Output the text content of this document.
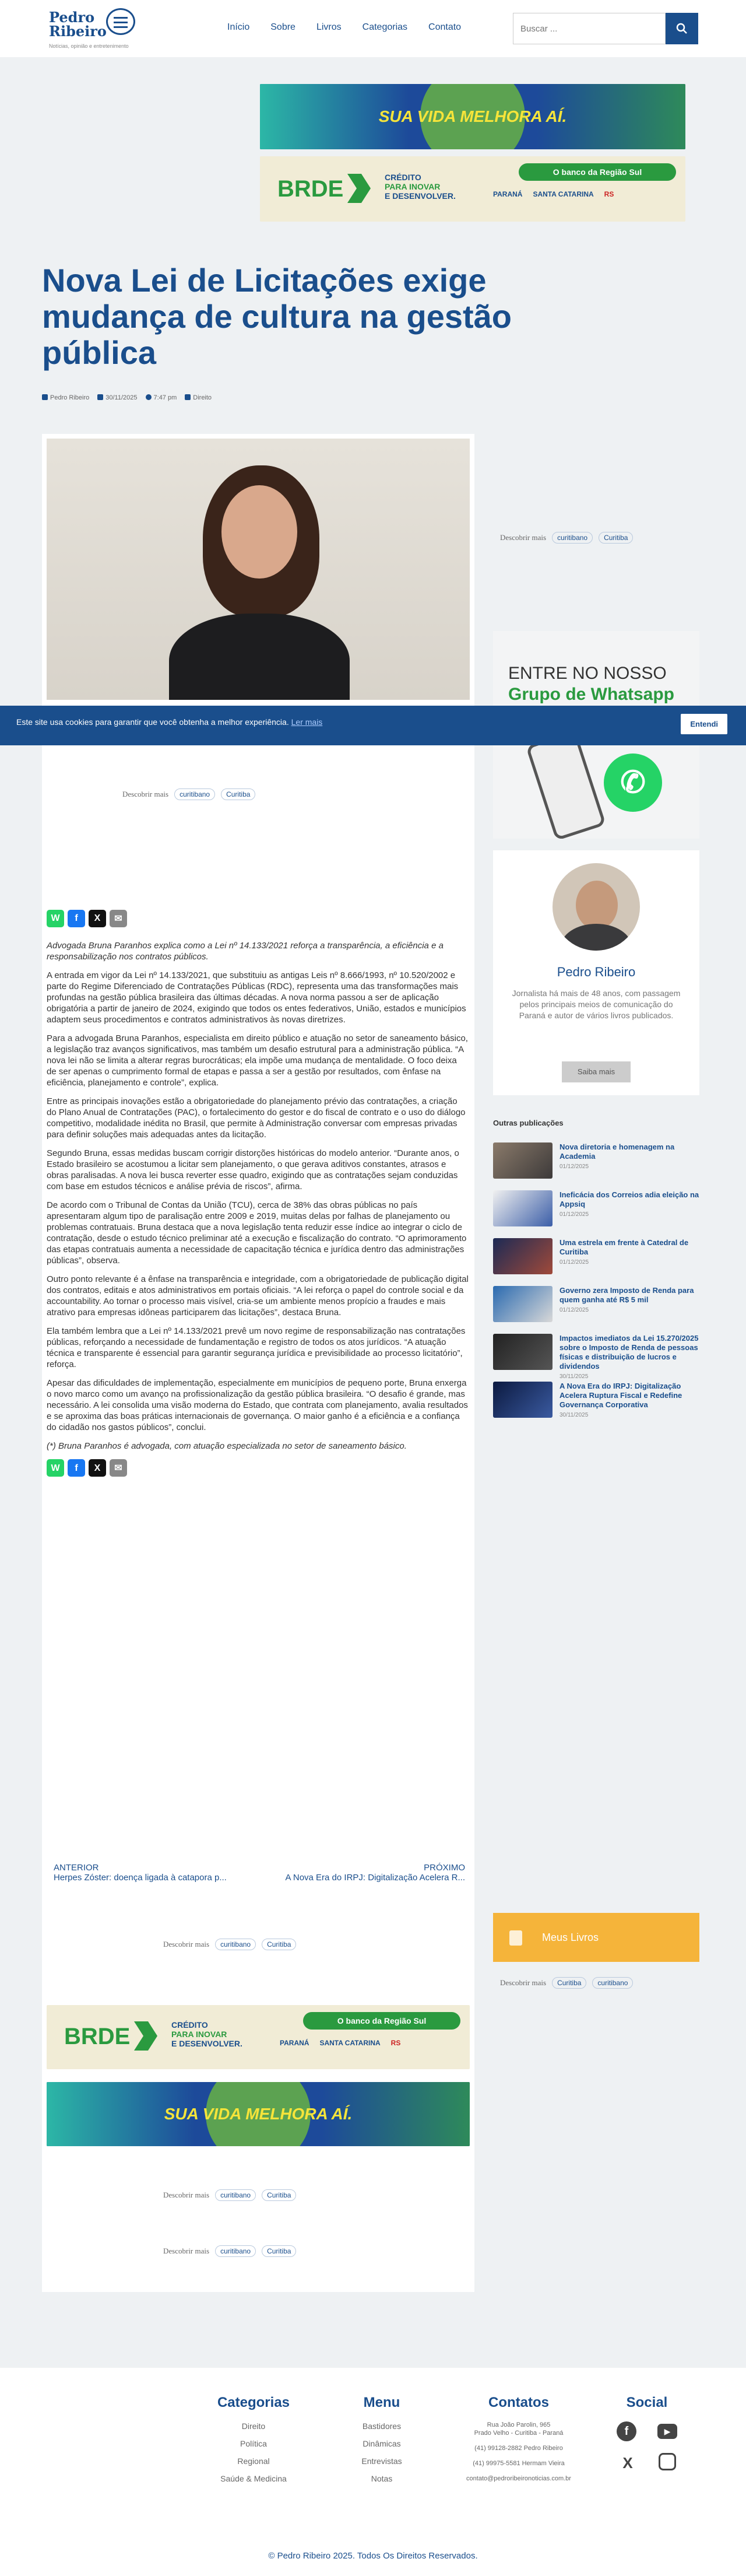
Pedro
Ribeiro
Notícias, opinião e entretenimento
Início Sobre Livros Categorias Contato
Buscar ...
SUA VIDA MELHORA AÍ.
BRDE	CRÉDITO
PARA INOVAR
E DESENVOLVER.
O banco da Região Sul
PARANÁ SANTA CATARINA RS
Nova Lei de Licitações exige mudança de cultura na gestão pública
Pedro Ribeiro	30/11/2025	7:47 pm	Direito
Descobrir mais	curitibano	Curitiba
W	f	X	✉

Advogada Bruna Paranhos explica como a Lei nº 14.133/2021 reforça a transparência, a eficiência e a responsabilização nos contratos públicos.

A entrada em vigor da Lei nº 14.133/2021, que substituiu as antigas Leis nº 8.666/1993, nº 10.520/2002 e parte do Regime Diferenciado de Contratações Públicas (RDC), representa uma das transformações mais profundas na gestão pública brasileira das últimas décadas. A nova norma passou a ser de aplicação obrigatória a partir de janeiro de 2024, exigindo que todos os entes federativos, União, estados e municípios adaptem seus procedimentos e contratos administrativos às novas diretrizes.

Para a advogada Bruna Paranhos, especialista em direito público e atuação no setor de saneamento básico, a legislação traz avanços significativos, mas também um desafio estrutural para a administração pública. “A nova lei não se limita a alterar regras burocráticas; ela impõe uma mudança de mentalidade. O foco deixa de ser apenas o cumprimento formal de etapas e passa a ser a gestão por resultados, com ênfase na eficiência, planejamento e controle”, explica.

Entre as principais inovações estão a obrigatoriedade do planejamento prévio das contratações, a criação do Plano Anual de Contratações (PAC), o fortalecimento do gestor e do fiscal de contrato e o uso do diálogo competitivo, modalidade inédita no Brasil, que permite à Administração conversar com empresas privadas para definir soluções mais adequadas antes da licitação.

Segundo Bruna, essas medidas buscam corrigir distorções históricas do modelo anterior. “Durante anos, o Estado brasileiro se acostumou a licitar sem planejamento, o que gerava aditivos constantes, atrasos e obras paralisadas. A nova lei busca reverter esse quadro, exigindo que as contratações sejam conduzidas com base em estudos técnicos e análise prévia de riscos”, afirma.

De acordo com o Tribunal de Contas da União (TCU), cerca de 38% das obras públicas no país apresentaram algum tipo de paralisação entre 2009 e 2019, muitas delas por falhas de planejamento ou problemas contratuais. Bruna destaca que a nova legislação tenta reduzir esse índice ao integrar o ciclo de contratação, desde o estudo técnico preliminar até a execução e fiscalização do contrato. “O aprimoramento das etapas contratuais aumenta a necessidade de capacitação técnica e jurídica dentro das administrações públicas”, observa.

Outro ponto relevante é a ênfase na transparência e integridade, com a obrigatoriedade de publicação digital dos contratos, editais e atos administrativos em portais oficiais. “A lei reforça o papel do controle social e da accountability. Ao tornar o processo mais visível, cria-se um ambiente menos propício a fraudes e mais atrativo para empresas idôneas participarem das licitações”, destaca Bruna.

Ela também lembra que a Lei nº 14.133/2021 prevê um novo regime de responsabilização nas contratações públicas, reforçando a necessidade de fundamentação e registro de todos os atos jurídicos. “A atuação técnica e transparente é essencial para garantir segurança jurídica e previsibilidade ao processo licitatório”, reforça.

Apesar das dificuldades de implementação, especialmente em municípios de pequeno porte, Bruna enxerga o novo marco como um avanço na profissionalização da gestão pública brasileira. “O desafio é grande, mas necessário. A lei consolida uma visão moderna do Estado, que contrata com planejamento, avalia resultados e se aproxima das boas práticas internacionais de governança. O maior ganho é a eficiência e a confiança do cidadão nos gastos públicos”, conclui.

(*) Bruna Paranhos é advogada, com atuação especializada no setor de saneamento básico.

W	f	X	✉
ANTERIOR
Herpes Zóster: doença ligada à catapora p...
PRÓXIMO
A Nova Era do IRPJ: Digitalização Acelera R...
Descobrir mais	curitibano	Curitiba
BRDE	CRÉDITO
PARA INOVAR
E DESENVOLVER.
O banco da Região Sul
PARANÁ SANTA CATARINA RS
SUA VIDA MELHORA AÍ.
Descobrir mais	curitibano	Curitiba
Descobrir mais	curitibano	Curitiba
Descobrir mais	curitibano	Curitiba
ENTRE NO NOSSO
Grupo de Whatsapp
✆
Pedro Ribeiro
Jornalista há mais de 48 anos, com passagem pelos principais meios de comunicação do Paraná e autor de vários livros publicados.
Saiba mais
Outras publicações
Nova diretoria e homenagem na Academia
01/12/2025
Ineficácia dos Correios adia eleição na Appsiq
01/12/2025
Uma estrela em frente à Catedral de Curitiba
01/12/2025
Governo zera Imposto de Renda para quem ganha até R$ 5 mil
01/12/2025
Impactos imediatos da Lei 15.270/2025 sobre o Imposto de Renda de pessoas físicas e distribuição de lucros e dividendos
30/11/2025
A Nova Era do IRPJ: Digitalização Acelera Ruptura Fiscal e Redefine Governança Corporativa
30/11/2025
Meus Livros
Descobrir mais	Curitiba	curitibano
Este site usa cookies para garantir que você obtenha a melhor experiência. Ler mais	Entendi
Categorias
Direito
Política
Regional
Saúde & Medicina
Menu
Bastidores
Dinâmicas
Entrevistas
Notas
Contatos
Rua João Parolin, 965
Prado Velho - Curitiba - Paraná
(41) 99128-2882 Pedro Ribeiro
(41) 99975-5581 Hermam Vieira
contato@pedroribeironoticias.com.br
Social
f	▶
X
© Pedro Ribeiro 2025. Todos Os Direitos Reservados.
